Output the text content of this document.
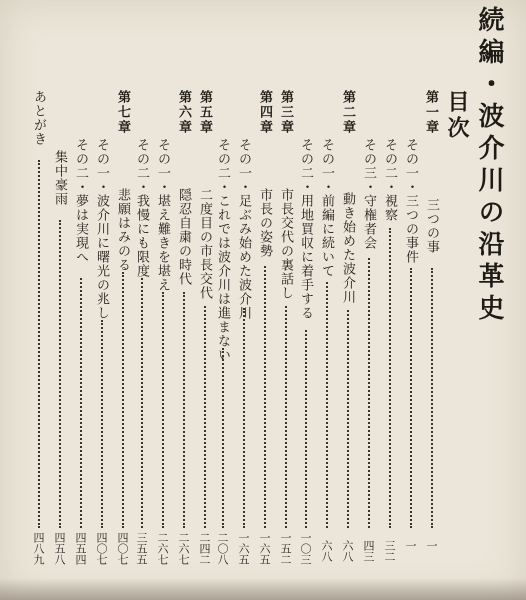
続編・波介川の沿革史
目次
第一章
三つの事
一
その一・三つの事件
一
その二・視察
三二
その三・守権者会
四三
第二章
動き始めた波介川
六八
その一・前編に続いて
六八
その二・用地買収に着手する
一〇三
第三章
市長交代の裏話し
一五二
第四章
市長の姿勢
一六五
その一・足ぶみ始めた波介川
一六五
その二・これでは波介川は進まない
二〇八
第五章
二度目の市長交代
二四二
第六章
隠忍自粛の時代
二六七
その一・堪え難きを堪え
二六七
その二・我慢にも限度
三五五
第七章
悲願はみのる
四〇七
その一・波介川に曙光の兆し
四〇七
その二・夢は実現へ
四五四
集中豪雨
四五八
あとがき
四八九
